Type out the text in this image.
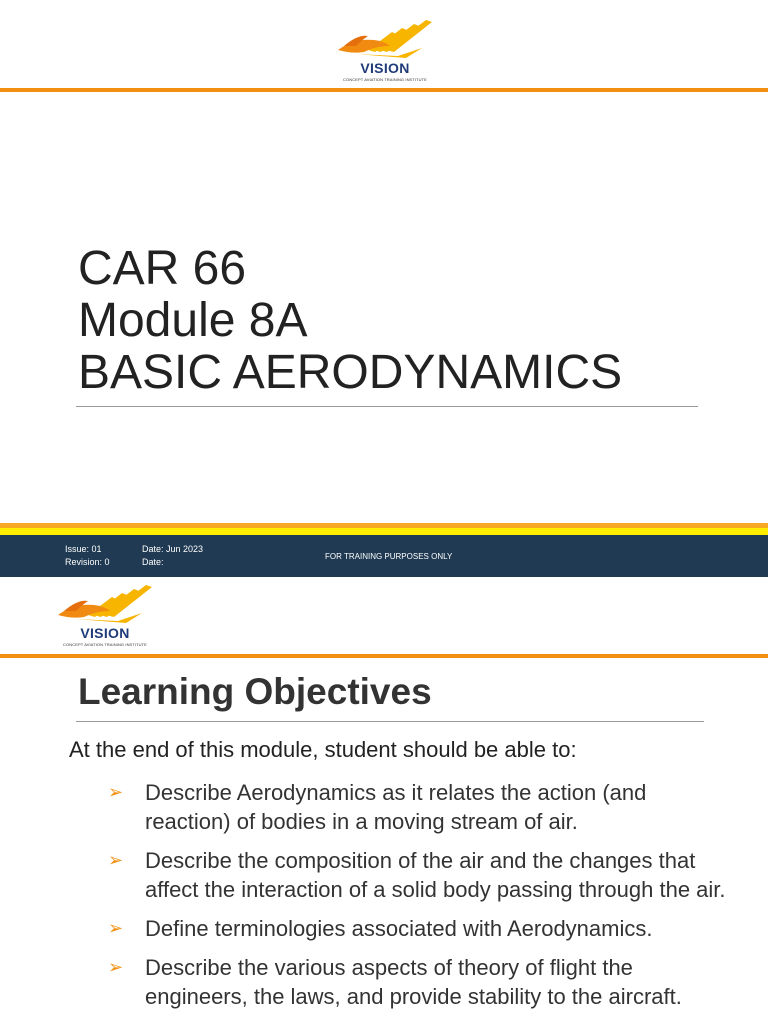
VISION
CONCEPT AVIATION TRAINING INSTITUTE
CAR 66
Module 8A
BASIC AERODYNAMICS
Issue: 01
Revision: 0
Date: Jun 2023
Date:
FOR TRAINING PURPOSES ONLY
VISION
CONCEPT AVIATION TRAINING INSTITUTE
Learning Objectives
At the end of this module, student should be able to:
➢ Describe Aerodynamics as it relates the action (and reaction) of bodies in a moving stream of air.
➢ Describe the composition of the air and the changes that affect the interaction of a solid body passing through the air.
➢ Define terminologies associated with Aerodynamics.
➢ Describe the various aspects of theory of flight the engineers, the laws, and provide stability to the aircraft.
